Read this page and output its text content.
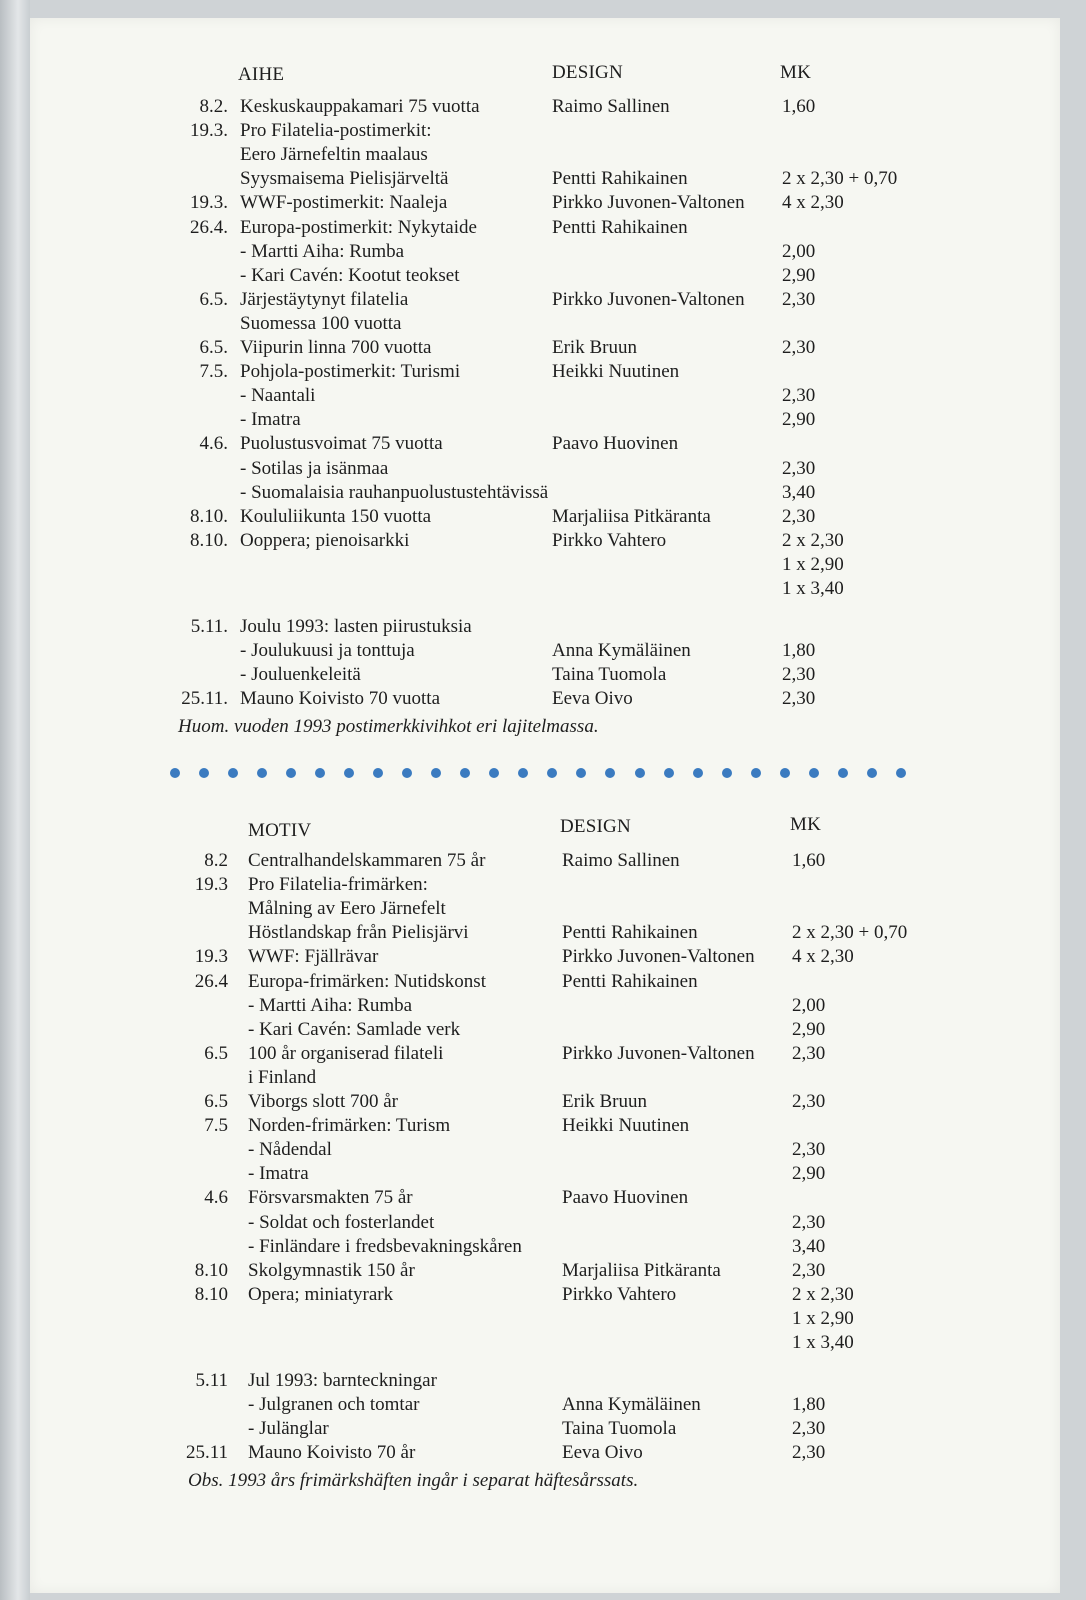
AIHE	DESIGN	MK
8.2. Keskuskauppakamari 75 vuotta	Raimo Sallinen	1,60
19.3. Pro Filatelia-postimerkit:
Eero Järnefeltin maalaus
Syysmaisema Pielisjärveltä	Pentti Rahikainen	2 x 2,30 + 0,70
19.3. WWF-postimerkit: Naaleja	Pirkko Juvonen-Valtonen 4 x 2,30
26.4. Europa-postimerkit: Nykytaide	Pentti Rahikainen
- Martti Aiha: Rumba	2,00
- Kari Cavén: Kootut teokset	2,90
6.5. Järjestäytynyt filatelia	Pirkko Juvonen-Valtonen 2,30
Suomessa 100 vuotta
6.5. Viipurin linna 700 vuotta	Erik Bruun	2,30
7.5. Pohjola-postimerkit: Turismi	Heikki Nuutinen
- Naantali	2,30
- Imatra	2,90
4.6. Puolustusvoimat 75 vuotta	Paavo Huovinen
- Sotilas ja isänmaa	2,30
- Suomalaisia rauhanpuolustustehtävissä	3,40
8.10. Koululiikunta 150 vuotta	Marjaliisa Pitkäranta	2,30
8.10. Ooppera; pienoisarkki	Pirkko Vahtero	2 x 2,30
1 x 2,90
1 x 3,40
5.11. Joulu 1993: lasten piirustuksia
- Joulukuusi ja tonttuja	Anna Kymäläinen	1,80
- Jouluenkeleitä	Taina Tuomola	2,30
25.11. Mauno Koivisto 70 vuotta	Eeva Oivo	2,30
Huom. vuoden 1993 postimerkkivihkot eri lajitelmassa.
MOTIV	DESIGN	MK
8.2 Centralhandelskammaren 75 år	Raimo Sallinen	1,60
19.3 Pro Filatelia-frimärken:
Målning av Eero Järnefelt
Höstlandskap från Pielisjärvi	Pentti Rahikainen	2 x 2,30 + 0,70
19.3 WWF: Fjällrävar	Pirkko Juvonen-Valtonen 4 x 2,30
26.4 Europa-frimärken: Nutidskonst	Pentti Rahikainen
- Martti Aiha: Rumba	2,00
- Kari Cavén: Samlade verk	2,90
6.5 100 år organiserad filateli	Pirkko Juvonen-Valtonen 2,30
i Finland
6.5 Viborgs slott 700 år	Erik Bruun	2,30
7.5 Norden-frimärken: Turism	Heikki Nuutinen
- Nådendal	2,30
- Imatra	2,90
4.6 Försvarsmakten 75 år	Paavo Huovinen
- Soldat och fosterlandet	2,30
- Finländare i fredsbevakningskåren	3,40
8.10 Skolgymnastik 150 år	Marjaliisa Pitkäranta	2,30
8.10 Opera; miniatyrark	Pirkko Vahtero	2 x 2,30
1 x 2,90
1 x 3,40
5.11 Jul 1993: barnteckningar
- Julgranen och tomtar	Anna Kymäläinen	1,80
- Julänglar	Taina Tuomola	2,30
25.11 Mauno Koivisto 70 år	Eeva Oivo	2,30
Obs. 1993 års frimärkshäften ingår i separat häftesårssats.
